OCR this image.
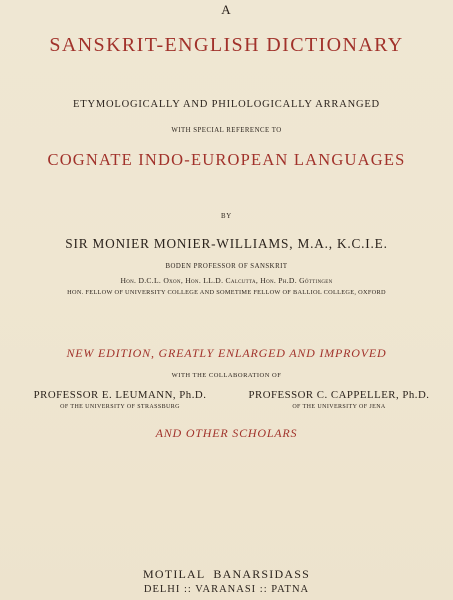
A
SANSKRIT-ENGLISH DICTIONARY
ETYMOLOGICALLY AND PHILOLOGICALLY ARRANGED
WITH SPECIAL REFERENCE TO
COGNATE INDO-EUROPEAN LANGUAGES
BY
SIR MONIER MONIER-WILLIAMS, M.A., K.C.I.E.
BODEN PROFESSOR OF SANSKRIT
Hon. D.C.L. Oxon, Hon. LL.D. Calcutta, Hon. Ph.D. Göttingen
HON. FELLOW OF UNIVERSITY COLLEGE AND SOMETIME FELLOW OF BALLIOL COLLEGE, OXFORD
NEW EDITION, GREATLY ENLARGED AND IMPROVED
WITH THE COLLABORATION OF
PROFESSOR E. LEUMANN, Ph.D.
OF THE UNIVERSITY OF STRASSBURG
PROFESSOR C. CAPPELLER, Ph.D.
OF THE UNIVERSITY OF JENA
AND OTHER SCHOLARS
MOTILAL  BANARSIDASS
DELHI :: VARANASI :: PATNA
